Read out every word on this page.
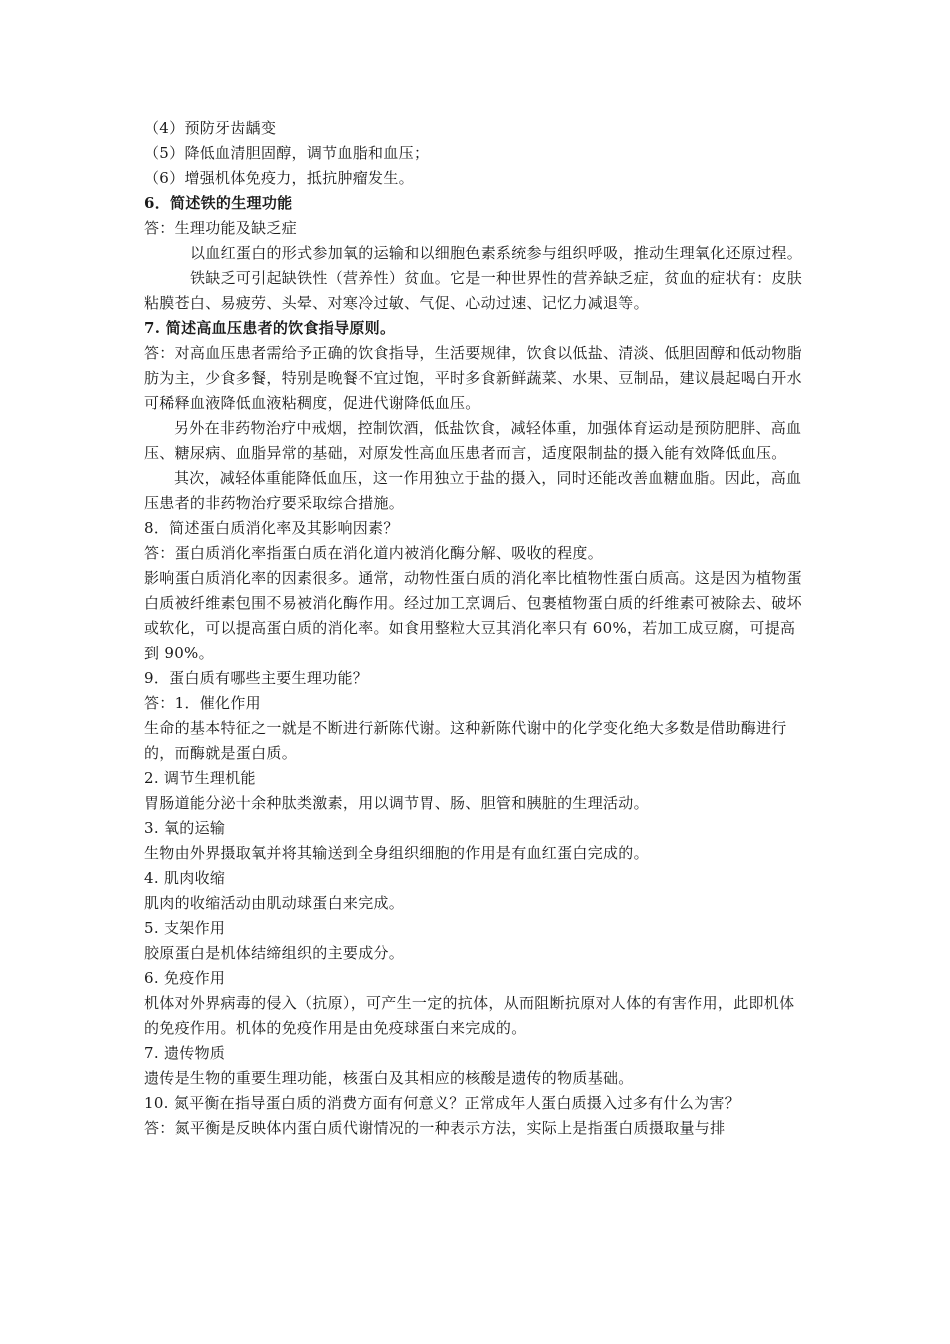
（4）预防牙齿龋变

（5）降低血清胆固醇，调节血脂和血压；

（6）增强机体免疫力，抵抗肿瘤发生。

6．简述铁的生理功能

答：生理功能及缺乏症

以血红蛋白的形式参加氧的运输和以细胞色素系统参与组织呼吸，推动生理氧化还原过程。

铁缺乏可引起缺铁性（营养性）贫血。它是一种世界性的营养缺乏症，贫血的症状有：皮肤粘膜苍白、易疲劳、头晕、对寒冷过敏、气促、心动过速、记忆力减退等。

7. 简述高血压患者的饮食指导原则。

答：对高血压患者需给予正确的饮食指导，生活要规律，饮食以低盐、清淡、低胆固醇和低动物脂肪为主，少食多餐，特别是晚餐不宜过饱，平时多食新鲜蔬菜、水果、豆制品，建议晨起喝白开水可稀释血液降低血液粘稠度，促进代谢降低血压。

另外在非药物治疗中戒烟，控制饮酒，低盐饮食，减轻体重，加强体育运动是预防肥胖、高血压、糖尿病、血脂异常的基础，对原发性高血压患者而言，适度限制盐的摄入能有效降低血压。

其次，减轻体重能降低血压，这一作用独立于盐的摄入，同时还能改善血糖血脂。因此，高血压患者的非药物治疗要采取综合措施。

8．简述蛋白质消化率及其影响因素？

答：蛋白质消化率指蛋白质在消化道内被消化酶分解、吸收的程度。

影响蛋白质消化率的因素很多。通常，动物性蛋白质的消化率比植物性蛋白质高。这是因为植物蛋白质被纤维素包围不易被消化酶作用。经过加工烹调后、包裹植物蛋白质的纤维素可被除去、破坏或软化，可以提高蛋白质的消化率。如食用整粒大豆其消化率只有 60%，若加工成豆腐，可提高到 90%。

9．蛋白质有哪些主要生理功能？

答：1．催化作用

生命的基本特征之一就是不断进行新陈代谢。这种新陈代谢中的化学变化绝大多数是借助酶进行的，而酶就是蛋白质。

2. 调节生理机能

胃肠道能分泌十余种肽类激素，用以调节胃、肠、胆管和胰脏的生理活动。

3. 氧的运输

生物由外界摄取氧并将其输送到全身组织细胞的作用是有血红蛋白完成的。

4. 肌肉收缩

肌肉的收缩活动由肌动球蛋白来完成。

5. 支架作用

胶原蛋白是机体结缔组织的主要成分。

6. 免疫作用

机体对外界病毒的侵入（抗原），可产生一定的抗体，从而阻断抗原对人体的有害作用，此即机体的免疫作用。机体的免疫作用是由免疫球蛋白来完成的。

7. 遗传物质

遗传是生物的重要生理功能，核蛋白及其相应的核酸是遗传的物质基础。

10. 氮平衡在指导蛋白质的消费方面有何意义？正常成年人蛋白质摄入过多有什么为害？

答：氮平衡是反映体内蛋白质代谢情况的一种表示方法，实际上是指蛋白质摄取量与排
